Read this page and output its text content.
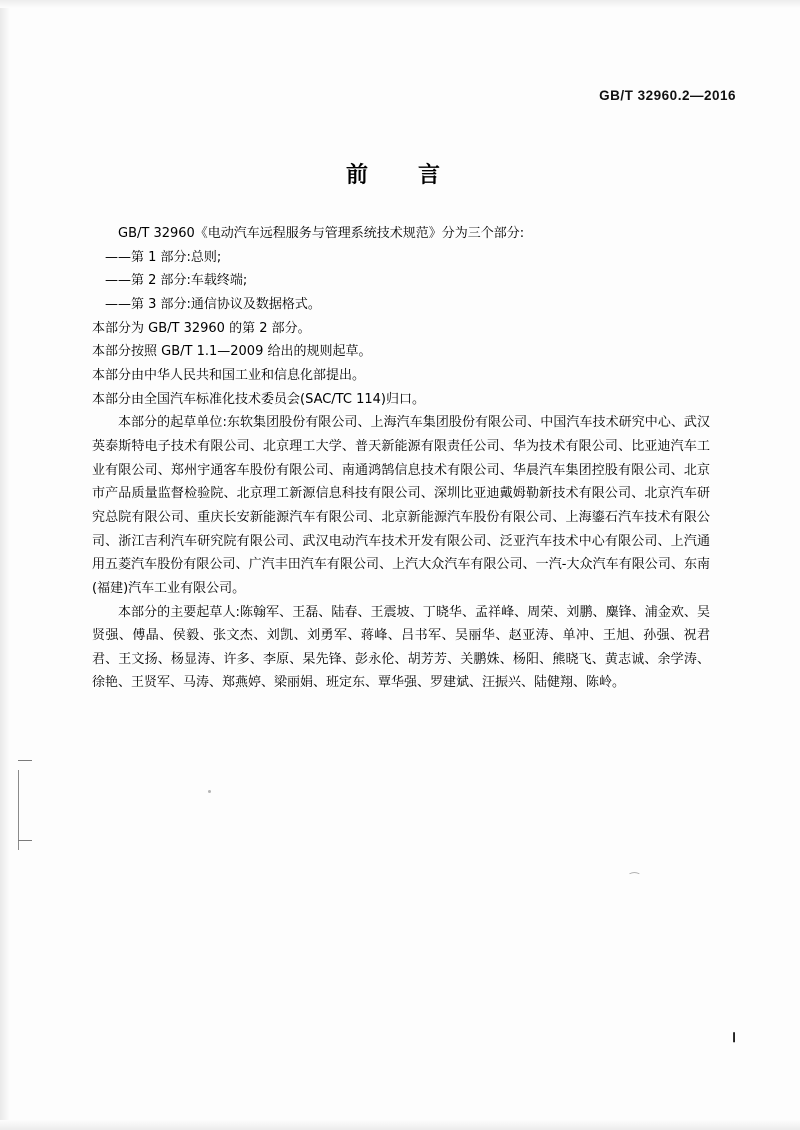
GB/T 32960.2—2016
前　言

GB/T 32960《电动汽车远程服务与管理系统技术规范》分为三个部分:

——第 1 部分:总则;

——第 2 部分:车载终端;

——第 3 部分:通信协议及数据格式。

本部分为 GB/T 32960 的第 2 部分。

本部分按照 GB/T 1.1—2009 给出的规则起草。

本部分由中华人民共和国工业和信息化部提出。

本部分由全国汽车标准化技术委员会(SAC/TC 114)归口。

本部分的起草单位:东软集团股份有限公司、上海汽车集团股份有限公司、中国汽车技术研究中心、武汉英泰斯特电子技术有限公司、北京理工大学、普天新能源有限责任公司、华为技术有限公司、比亚迪汽车工业有限公司、郑州宇通客车股份有限公司、南通鸿鹄信息技术有限公司、华晨汽车集团控股有限公司、北京市产品质量监督检验院、北京理工新源信息科技有限公司、深圳比亚迪戴姆勒新技术有限公司、北京汽车研究总院有限公司、重庆长安新能源汽车有限公司、北京新能源汽车股份有限公司、上海鎏石汽车技术有限公司、浙江吉利汽车研究院有限公司、武汉电动汽车技术开发有限公司、泛亚汽车技术中心有限公司、上汽通用五菱汽车股份有限公司、广汽丰田汽车有限公司、上汽大众汽车有限公司、一汽-大众汽车有限公司、东南(福建)汽车工业有限公司。

本部分的主要起草人:陈翰军、王磊、陆春、王震坡、丁晓华、孟祥峰、周荣、刘鹏、麋锋、浦金欢、吴贤强、傅晶、侯毅、张文杰、刘凯、刘勇军、蒋峰、吕书军、吴丽华、赵亚涛、单冲、王旭、孙强、祝君君、王文扬、杨显涛、许多、李原、杲先锋、彭永伦、胡芳芳、关鹏姝、杨阳、熊晓飞、黄志诚、余学涛、徐艳、王贤军、马涛、郑燕婷、梁丽娟、班定东、覃华强、罗建斌、汪振兴、陆健翔、陈岭。

⁀
Ⅰ
